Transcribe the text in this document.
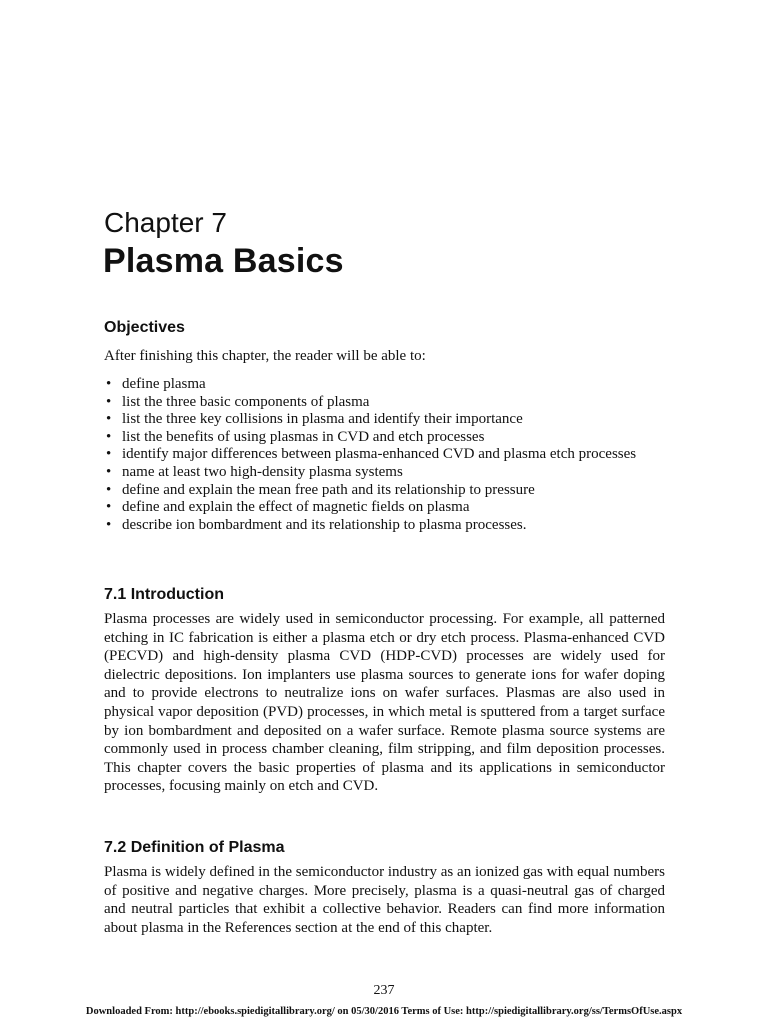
Chapter 7
Plasma Basics
Objectives
After finishing this chapter, the reader will be able to:
• define plasma
• list the three basic components of plasma
• list the three key collisions in plasma and identify their importance
• list the benefits of using plasmas in CVD and etch processes
• identify major differences between plasma-enhanced CVD and plasma etch processes
• name at least two high-density plasma systems
• define and explain the mean free path and its relationship to pressure
• define and explain the effect of magnetic fields on plasma
• describe ion bombardment and its relationship to plasma processes.
7.1 Introduction

Plasma processes are widely used in semiconductor processing. For example, all patterned etching in IC fabrication is either a plasma etch or dry etch process. Plasma-enhanced CVD (PECVD) and high-density plasma CVD (HDP-CVD) processes are widely used for dielectric depositions. Ion implanters use plasma sources to generate ions for wafer doping and to provide electrons to neutralize ions on wafer surfaces. Plasmas are also used in physical vapor deposition (PVD) processes, in which metal is sputtered from a target surface by ion bombardment and deposited on a wafer surface. Remote plasma source systems are commonly used in process chamber cleaning, film stripping, and film deposition processes. This chapter covers the basic properties of plasma and its applications in semiconductor processes, focusing mainly on etch and CVD.

7.2 Definition of Plasma

Plasma is widely defined in the semiconductor industry as an ionized gas with equal numbers of positive and negative charges. More precisely, plasma is a quasi-neutral gas of charged and neutral particles that exhibit a collective behavior. Readers can find more information about plasma in the References section at the end of this chapter.

237
Downloaded From: http://ebooks.spiedigitallibrary.org/ on 05/30/2016 Terms of Use: http://spiedigitallibrary.org/ss/TermsOfUse.aspx
